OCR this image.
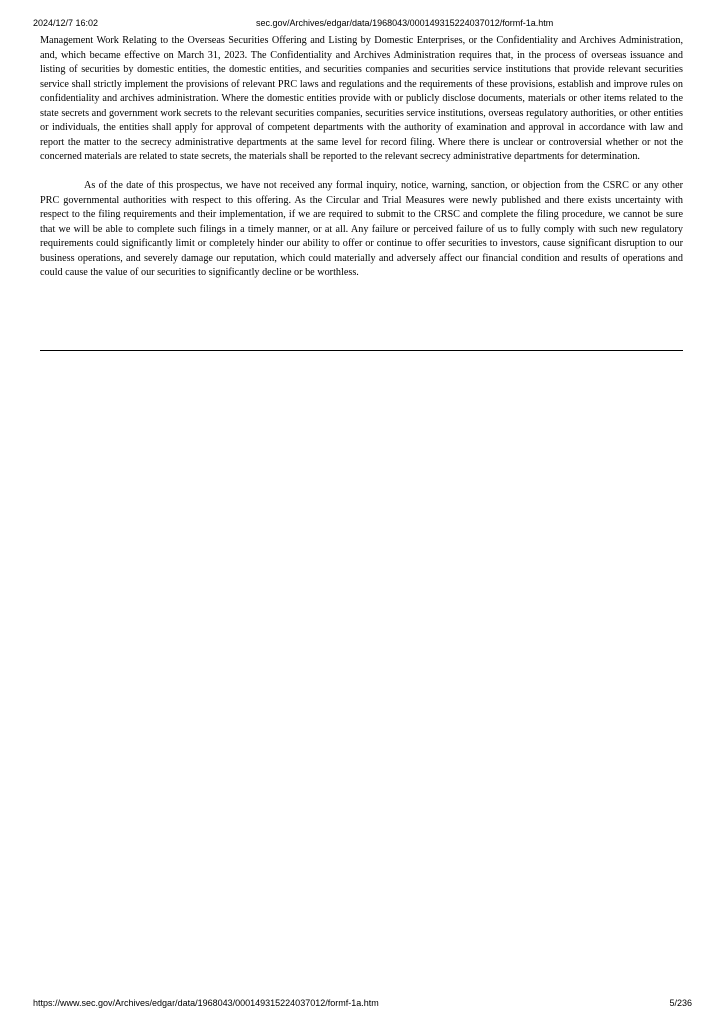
2024/12/7 16:02	sec.gov/Archives/edgar/data/1968043/000149315224037012/formf-1a.htm

Management Work Relating to the Overseas Securities Offering and Listing by Domestic Enterprises, or the Confidentiality and Archives Administration, and, which became effective on March 31, 2023. The Confidentiality and Archives Administration requires that, in the process of overseas issuance and listing of securities by domestic entities, the domestic entities, and securities companies and securities service institutions that provide relevant securities service shall strictly implement the provisions of relevant PRC laws and regulations and the requirements of these provisions, establish and improve rules on confidentiality and archives administration. Where the domestic entities provide with or publicly disclose documents, materials or other items related to the state secrets and government work secrets to the relevant securities companies, securities service institutions, overseas regulatory authorities, or other entities or individuals, the entities shall apply for approval of competent departments with the authority of examination and approval in accordance with law and report the matter to the secrecy administrative departments at the same level for record filing. Where there is unclear or controversial whether or not the concerned materials are related to state secrets, the materials shall be reported to the relevant secrecy administrative departments for determination.

As of the date of this prospectus, we have not received any formal inquiry, notice, warning, sanction, or objection from the CSRC or any other PRC governmental authorities with respect to this offering. As the Circular and Trial Measures were newly published and there exists uncertainty with respect to the filing requirements and their implementation, if we are required to submit to the CRSC and complete the filing procedure, we cannot be sure that we will be able to complete such filings in a timely manner, or at all. Any failure or perceived failure of us to fully comply with such new regulatory requirements could significantly limit or completely hinder our ability to offer or continue to offer securities to investors, cause significant disruption to our business operations, and severely damage our reputation, which could materially and adversely affect our financial condition and results of operations and could cause the value of our securities to significantly decline or be worthless.

https://www.sec.gov/Archives/edgar/data/1968043/000149315224037012/formf-1a.htm	5/236
